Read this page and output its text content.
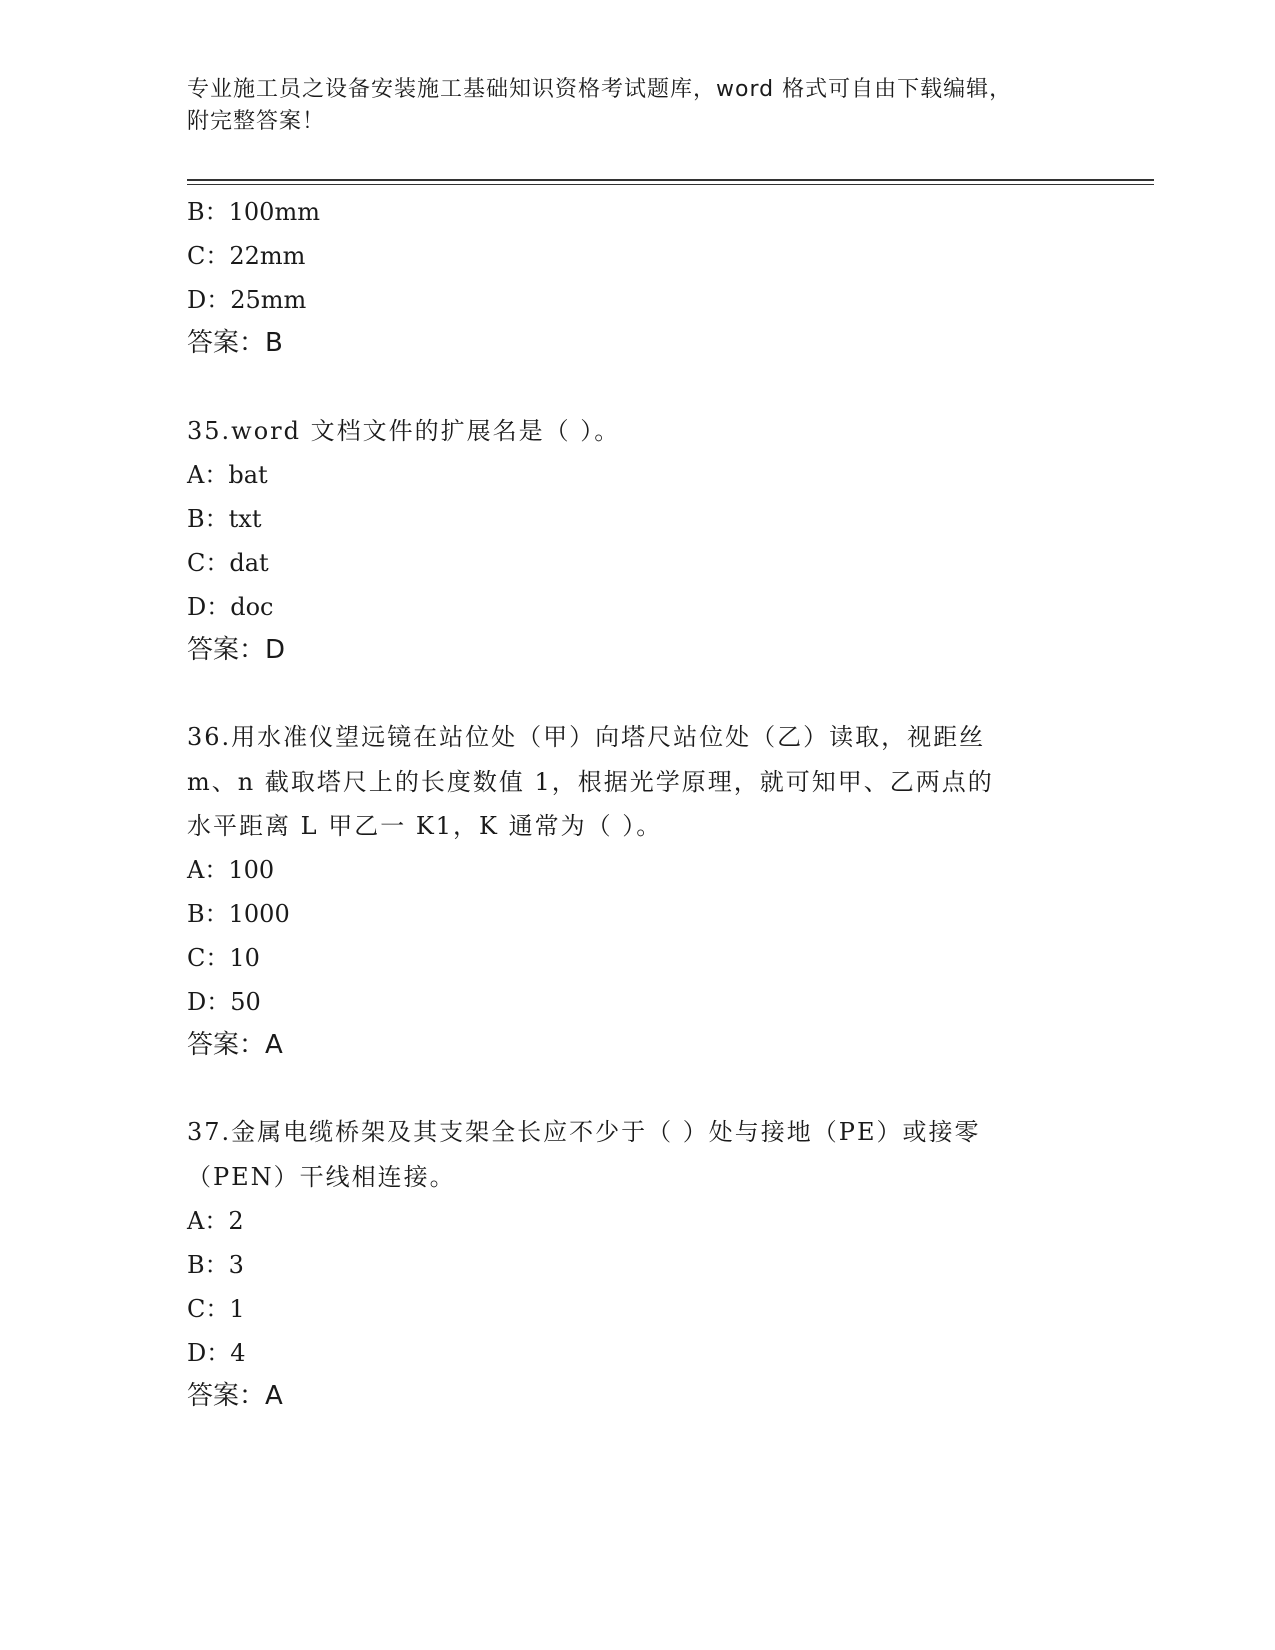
专业施工员之设备安装施工基础知识资格考试题库，word 格式可自由下载编辑，
附完整答案！
B：100mm
C：22mm
D：25mm
答案：B
35.word 文档文件的扩展名是（ ）。
A：bat
B：txt
C：dat
D：doc
答案：D
36.用水准仪望远镜在站位处（甲）向塔尺站位处（乙）读取，视距丝
m、n 截取塔尺上的长度数值 1，根据光学原理，就可知甲、乙两点的
水平距离 L 甲乙一 K1，K 通常为（ ）。
A：100
B：1000
C：10
D：50
答案：A
37.金属电缆桥架及其支架全长应不少于（ ）处与接地（PE）或接零
（PEN）干线相连接。
A：2
B：3
C：1
D：4
答案：A
